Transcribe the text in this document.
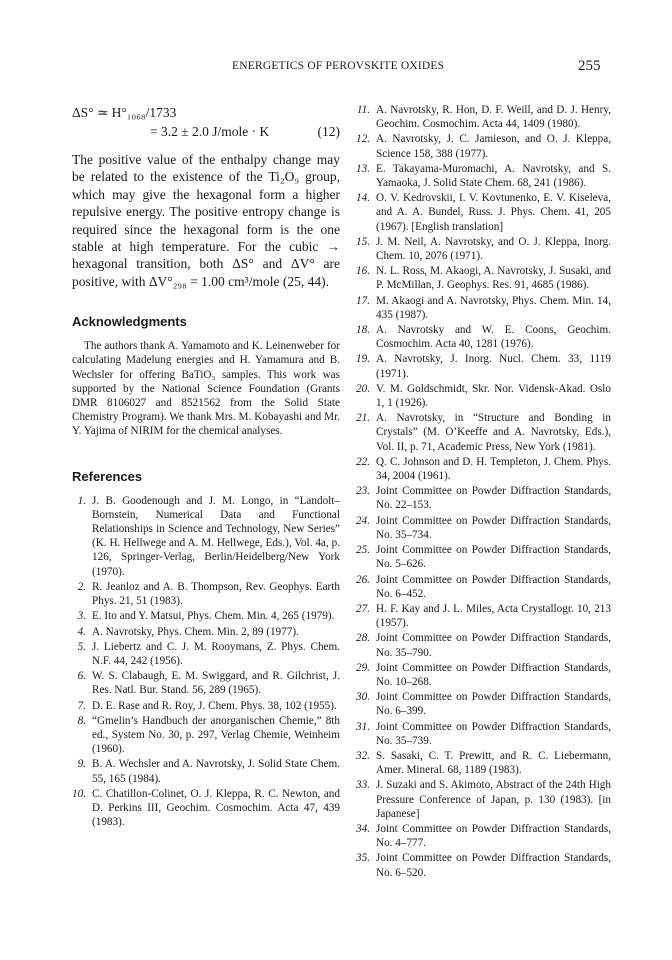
ENERGETICS OF PEROVSKITE OXIDES	255
ΔS° ≃ H°₁₀₆₈/1733
= 3.2 ± 2.0 J/mole · K	(12)

The positive value of the enthalpy change may be related to the existence of the Ti₂O₉ group, which may give the hexagonal form a higher repulsive energy. The positive entropy change is required since the hexagonal form is the one stable at high temperature. For the cubic → hexagonal transition, both ΔS° and ΔV° are positive, with ΔV°₂₉₈ = 1.00 cm³/mole (25, 44).

Acknowledgments

The authors thank A. Yamamoto and K. Leinenweber for calculating Madelung energies and H. Yamamura and B. Wechsler for offering BaTiO₃ samples. This work was supported by the National Science Foundation (Grants DMR 8106027 and 8521562 from the Solid State Chemistry Program). We thank Mrs. M. Kobayashi and Mr. Y. Yajima of NIRIM for the chemical analyses.

References
1. J. B. Goodenough and J. M. Longo, in “Landolt–Bornstein, Numerical Data and Functional Relationships in Science and Technology, New Series” (K. H. Hellwege and A. M. Hellwege, Eds.), Vol. 4a, p. 126, Springer-Verlag, Berlin/Heidelberg/New York (1970).
2. R. Jeanloz and A. B. Thompson, Rev. Geophys. Earth Phys. 21, 51 (1983).
3. E. Ito and Y. Matsui, Phys. Chem. Min. 4, 265 (1979).
4. A. Navrotsky, Phys. Chem. Min. 2, 89 (1977).
5. J. Liebertz and C. J. M. Rooymans, Z. Phys. Chem. N.F. 44, 242 (1956).
6. W. S. Clabaugh, E. M. Swiggard, and R. Gilchrist, J. Res. Natl. Bur. Stand. 56, 289 (1965).
7. D. E. Rase and R. Roy, J. Chem. Phys. 38, 102 (1955).
8. “Gmelin’s Handbuch der anorganischen Chemie,” 8th ed., System No. 30, p. 297, Verlag Chemie, Weinheim (1960).
9. B. A. Wechsler and A. Navrotsky, J. Solid State Chem. 55, 165 (1984).
10. C. Chatillon-Colinet, O. J. Kleppa, R. C. Newton, and D. Perkins III, Geochim. Cosmochim. Acta 47, 439 (1983).
11. A. Navrotsky, R. Hon, D. F. Weill, and D. J. Henry, Geochim. Cosmochim. Acta 44, 1409 (1980).
12. A. Navrotsky, J. C. Jamieson, and O. J. Kleppa, Science 158, 388 (1977).
13. E. Takayama-Muromachi, A. Navrotsky, and S. Yamaoka, J. Solid State Chem. 68, 241 (1986).
14. O. V. Kedrovskii, I. V. Kovtunenko, E. V. Kiseleva, and A. A. Bundel, Russ. J. Phys. Chem. 41, 205 (1967). [English translation]
15. J. M. Neil, A. Navrotsky, and O. J. Kleppa, Inorg. Chem. 10, 2076 (1971).
16. N. L. Ross, M. Akaogi, A. Navrotsky, J. Susaki, and P. McMillan, J. Geophys. Res. 91, 4685 (1986).
17. M. Akaogi and A. Navrotsky, Phys. Chem. Min. 14, 435 (1987).
18. A. Navrotsky and W. E. Coons, Geochim. Cosmochim. Acta 40, 1281 (1976).
19. A. Navrotsky, J. Inorg. Nucl. Chem. 33, 1119 (1971).
20. V. M. Goldschmidt, Skr. Nor. Vidensk-Akad. Oslo 1, 1 (1926).
21. A. Navrotsky, in “Structure and Bonding in Crystals” (M. O’Keeffe and A. Navrotsky, Eds.), Vol. II, p. 71, Academic Press, New York (1981).
22. Q. C. Johnson and D. H. Templeton, J. Chem. Phys. 34, 2004 (1961).
23. Joint Committee on Powder Diffraction Standards, No. 22–153.
24. Joint Committee on Powder Diffraction Standards, No. 35–734.
25. Joint Committee on Powder Diffraction Standards, No. 5–626.
26. Joint Committee on Powder Diffraction Standards, No. 6–452.
27. H. F. Kay and J. L. Miles, Acta Crystallogr. 10, 213 (1957).
28. Joint Committee on Powder Diffraction Standards, No. 35–790.
29. Joint Committee on Powder Diffraction Standards, No. 10–268.
30. Joint Committee on Powder Diffraction Standards, No. 6–399.
31. Joint Committee on Powder Diffraction Standards, No. 35–739.
32. S. Sasaki, C. T. Prewitt, and R. C. Liebermann, Amer. Mineral. 68, 1189 (1983).
33. J. Suzaki and S. Akimoto, Abstract of the 24th High Pressure Conference of Japan, p. 130 (1983). [in Japanese]
34. Joint Committee on Powder Diffraction Standards, No. 4–777.
35. Joint Committee on Powder Diffraction Standards, No. 6–520.
